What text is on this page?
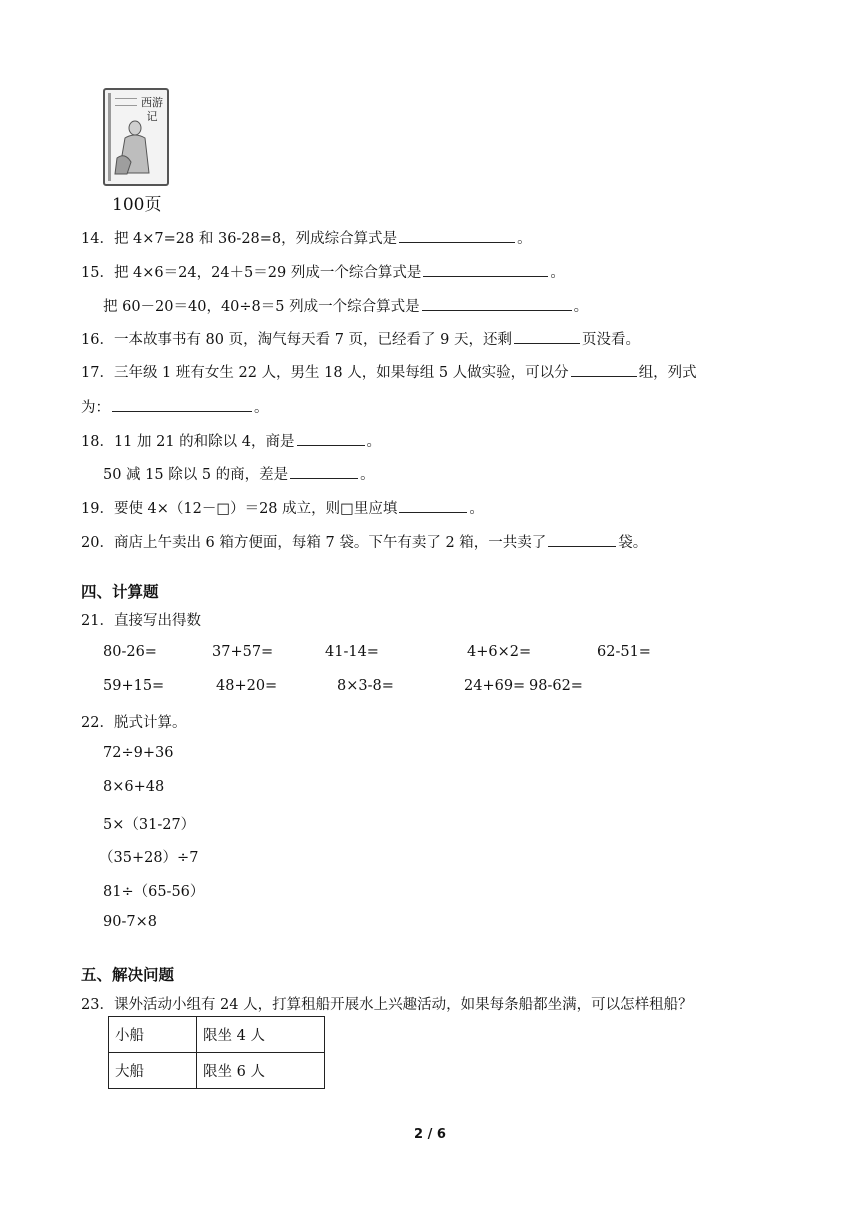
西游记
100页
14．把 4×7=28 和 36-28=8，列成综合算式是	。
15．把 4×6＝24，24＋5＝29 列成一个综合算式是	。
把 60－20＝40，40÷8＝5 列成一个综合算式是	。
16．一本故事书有 80 页，淘气每天看 7 页，已经看了 9 天，还剩	页没看。
17．三年级 1 班有女生 22 人，男生 18 人，如果每组 5 人做实验，可以分	组，列式
为：	。
18．11 加 21 的和除以 4，商是	。
50 减 15 除以 5 的商，差是	。
19．要使 4×（12－□）＝28 成立，则□里应填	。
20．商店上午卖出 6 箱方便面，每箱 7 袋。下午有卖了 2 箱，一共卖了	袋。
四、计算题
21．直接写出得数
80-26=	37+57=	41-14=	4+6×2=	62-51=
59+15=	48+20=	8×3-8=	24+69= 98-62=
22．脱式计算。
72÷9+36
8×6+48
5×（31-27）
（35+28）÷7
81÷（65-56）
90-7×8
五、解决问题
23．课外活动小组有 24 人，打算租船开展水上兴趣活动，如果每条船都坐满，可以怎样租船？
小船	限坐 4 人
大船	限坐 6 人
2 / 6
